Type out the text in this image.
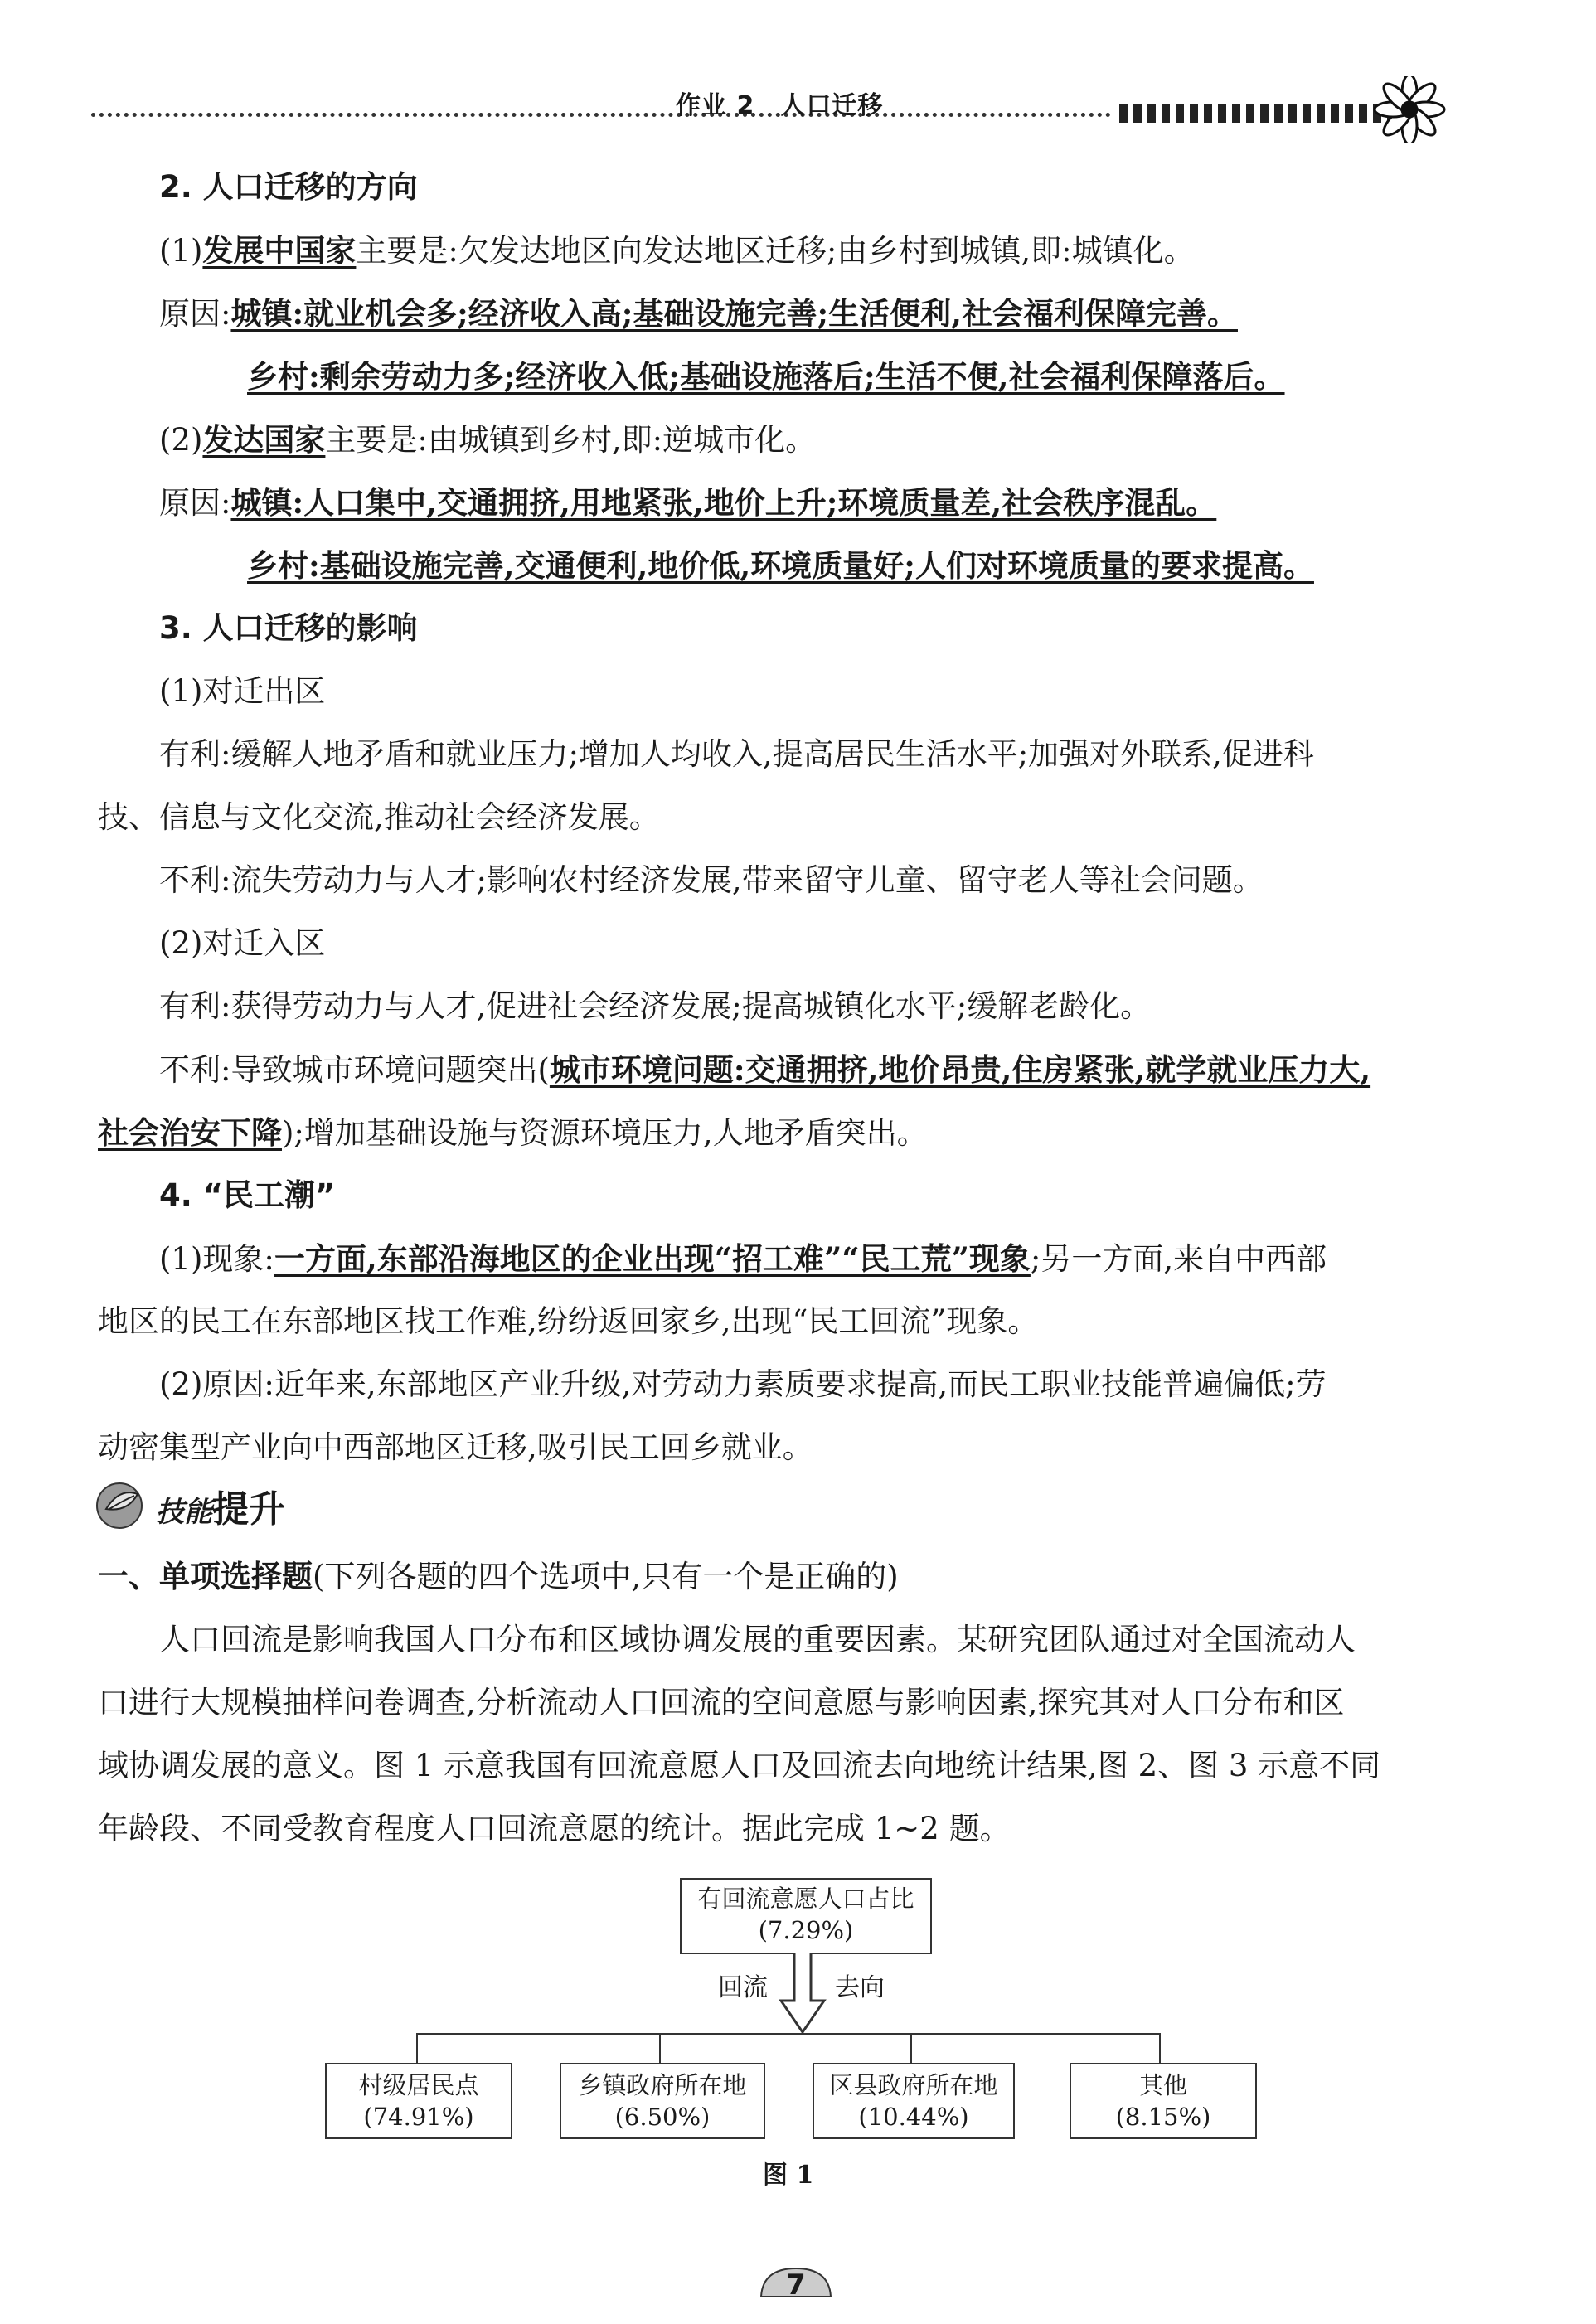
作业 2　人口迁移
2. 人口迁移的方向
(1)发展中国家主要是:欠发达地区向发达地区迁移;由乡村到城镇,即:城镇化。
原因:城镇:就业机会多;经济收入高;基础设施完善;生活便利,社会福利保障完善。
乡村:剩余劳动力多;经济收入低;基础设施落后;生活不便,社会福利保障落后。
(2)发达国家主要是:由城镇到乡村,即:逆城市化。
原因:城镇:人口集中,交通拥挤,用地紧张,地价上升;环境质量差,社会秩序混乱。
乡村:基础设施完善,交通便利,地价低,环境质量好;人们对环境质量的要求提高。
3. 人口迁移的影响
(1)对迁出区
有利:缓解人地矛盾和就业压力;增加人均收入,提高居民生活水平;加强对外联系,促进科
技、信息与文化交流,推动社会经济发展。
不利:流失劳动力与人才;影响农村经济发展,带来留守儿童、留守老人等社会问题。
(2)对迁入区
有利:获得劳动力与人才,促进社会经济发展;提高城镇化水平;缓解老龄化。
不利:导致城市环境问题突出(城市环境问题:交通拥挤,地价昂贵,住房紧张,就学就业压力大,
社会治安下降);增加基础设施与资源环境压力,人地矛盾突出。
4. “民工潮”
(1)现象:一方面,东部沿海地区的企业出现“招工难”“民工荒”现象;另一方面,来自中西部
地区的民工在东部地区找工作难,纷纷返回家乡,出现“民工回流”现象。
(2)原因:近年来,东部地区产业升级,对劳动力素质要求提高,而民工职业技能普遍偏低;劳
动密集型产业向中西部地区迁移,吸引民工回乡就业。
技能提升
一、单项选择题(下列各题的四个选项中,只有一个是正确的)
人口回流是影响我国人口分布和区域协调发展的重要因素。某研究团队通过对全国流动人
口进行大规模抽样问卷调查,分析流动人口回流的空间意愿与影响因素,探究其对人口分布和区
域协调发展的意义。图 1 示意我国有回流意愿人口及回流去向地统计结果,图 2、图 3 示意不同
年龄段、不同受教育程度人口回流意愿的统计。据此完成 1~2 题。
有回流意愿人口占比
(7.29%)
回流	去向
村级居民点
(74.91%)
乡镇政府所在地
(6.50%)
区县政府所在地
(10.44%)
其他
(8.15%)
图 1
7
